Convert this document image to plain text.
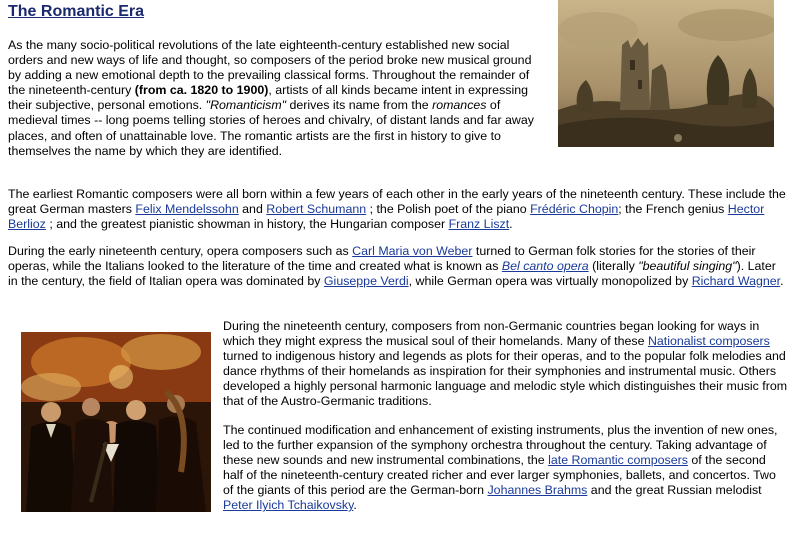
The Romantic Era

As the many socio-political revolutions of the late eighteenth-century established new social orders and new ways of life and thought, so composers of the period broke new musical ground by adding a new emotional depth to the prevailing classical forms. Throughout the remainder of the nineteenth-century (from ca. 1820 to 1900), artists of all kinds became intent in expressing their subjective, personal emotions. "Romanticism" derives its name from the romances of medieval times -- long poems telling stories of heroes and chivalry, of distant lands and far away places, and often of unattainable love. The romantic artists are the first in history to give to themselves the name by which they are identified.

The earliest Romantic composers were all born within a few years of each other in the early years of the nineteenth century. These include the great German masters Felix Mendelssohn and Robert Schumann ; the Polish poet of the piano Frédéric Chopin; the French genius Hector Berlioz ; and the greatest pianistic showman in history, the Hungarian composer Franz Liszt.

During the early nineteenth century, opera composers such as Carl Maria von Weber turned to German folk stories for the stories of their operas, while the Italians looked to the literature of the time and created what is known as Bel canto opera (literally "beautiful singing"). Later in the century, the field of Italian opera was dominated by Giuseppe Verdi, while German opera was virtually monopolized by Richard Wagner.

During the nineteenth century, composers from non-Germanic countries began looking for ways in which they might express the musical soul of their homelands. Many of these Nationalist composers turned to indigenous history and legends as plots for their operas, and to the popular folk melodies and dance rhythms of their homelands as inspiration for their symphonies and instrumental music. Others developed a highly personal harmonic language and melodic style which distinguishes their music from that of the Austro-Germanic traditions.

The continued modification and enhancement of existing instruments, plus the invention of new ones, led to the further expansion of the symphony orchestra throughout the century. Taking advantage of these new sounds and new instrumental combinations, the late Romantic composers of the second half of the nineteenth-century created richer and ever larger symphonies, ballets, and concertos. Two of the giants of this period are the German-born Johannes Brahms and the great Russian melodist Peter Ilyich Tchaikovsky.
